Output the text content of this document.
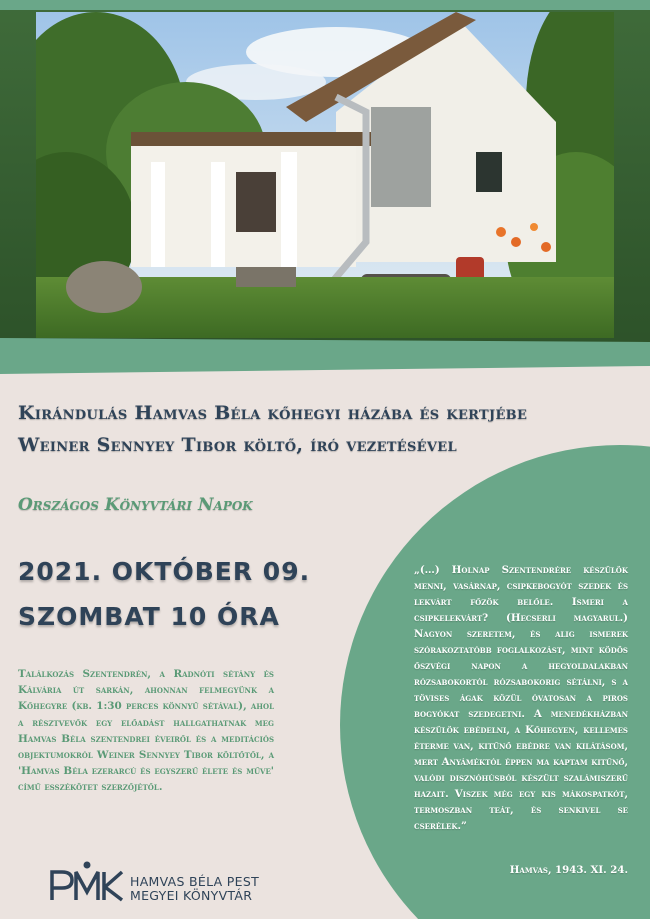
Kirándulás Hamvas Béla kőhegyi házába és kertjébe
Weiner Sennyey Tibor költő, író vezetésével
Országos Könyvtári Napok
2021. OKTÓBER 09.
SZOMBAT 10 ÓRA
Találkozás Szentendrén, a Radnóti sétány és Kálvária út sarkán, ahonnan felmegyünk a Kőhegyre (kb. 1:30 perces könnyű sétával), ahol a résztvevők egy előadást hallgathatnak meg Hamvas Béla szentendrei éveiről és a meditációs objektumokról Weiner Sennyey Tibor költőtől, a 'Hamvas Béla ezerarcú és egyszerű élete és műve' című esszékötet szerzőjétől.
„(…) Holnap Szentendrére készülök menni, vasárnap, csipkebogyót szedek és lekvárt főzök belőle. Ismeri a csipkelekvárt? (Hecserli magyarul.) Nagyon szeretem, és alig ismerek szórakoztatóbb foglalkozást, mint ködös őszvégi napon a hegyoldalakban rózsabokortól rózsabokorig sétálni, s a tövises ágak közül óvatosan a piros bogyókat szedegetni. A menedékházban készülök ebédelni, a Kőhegyen, kellemes éterme van, kitűnő ebédre van kilátásom, mert Anyáméktól éppen ma kaptam kitűnő, valódi disznóhúsból készült szalámiszerű hazait. Viszek még egy kis mákospatkót, termoszban teát, és senkivel se cserélek.”
Hamvas, 1943. XI. 24.
HAMVAS BÉLA PEST
MEGYEI KÖNYVTÁR
